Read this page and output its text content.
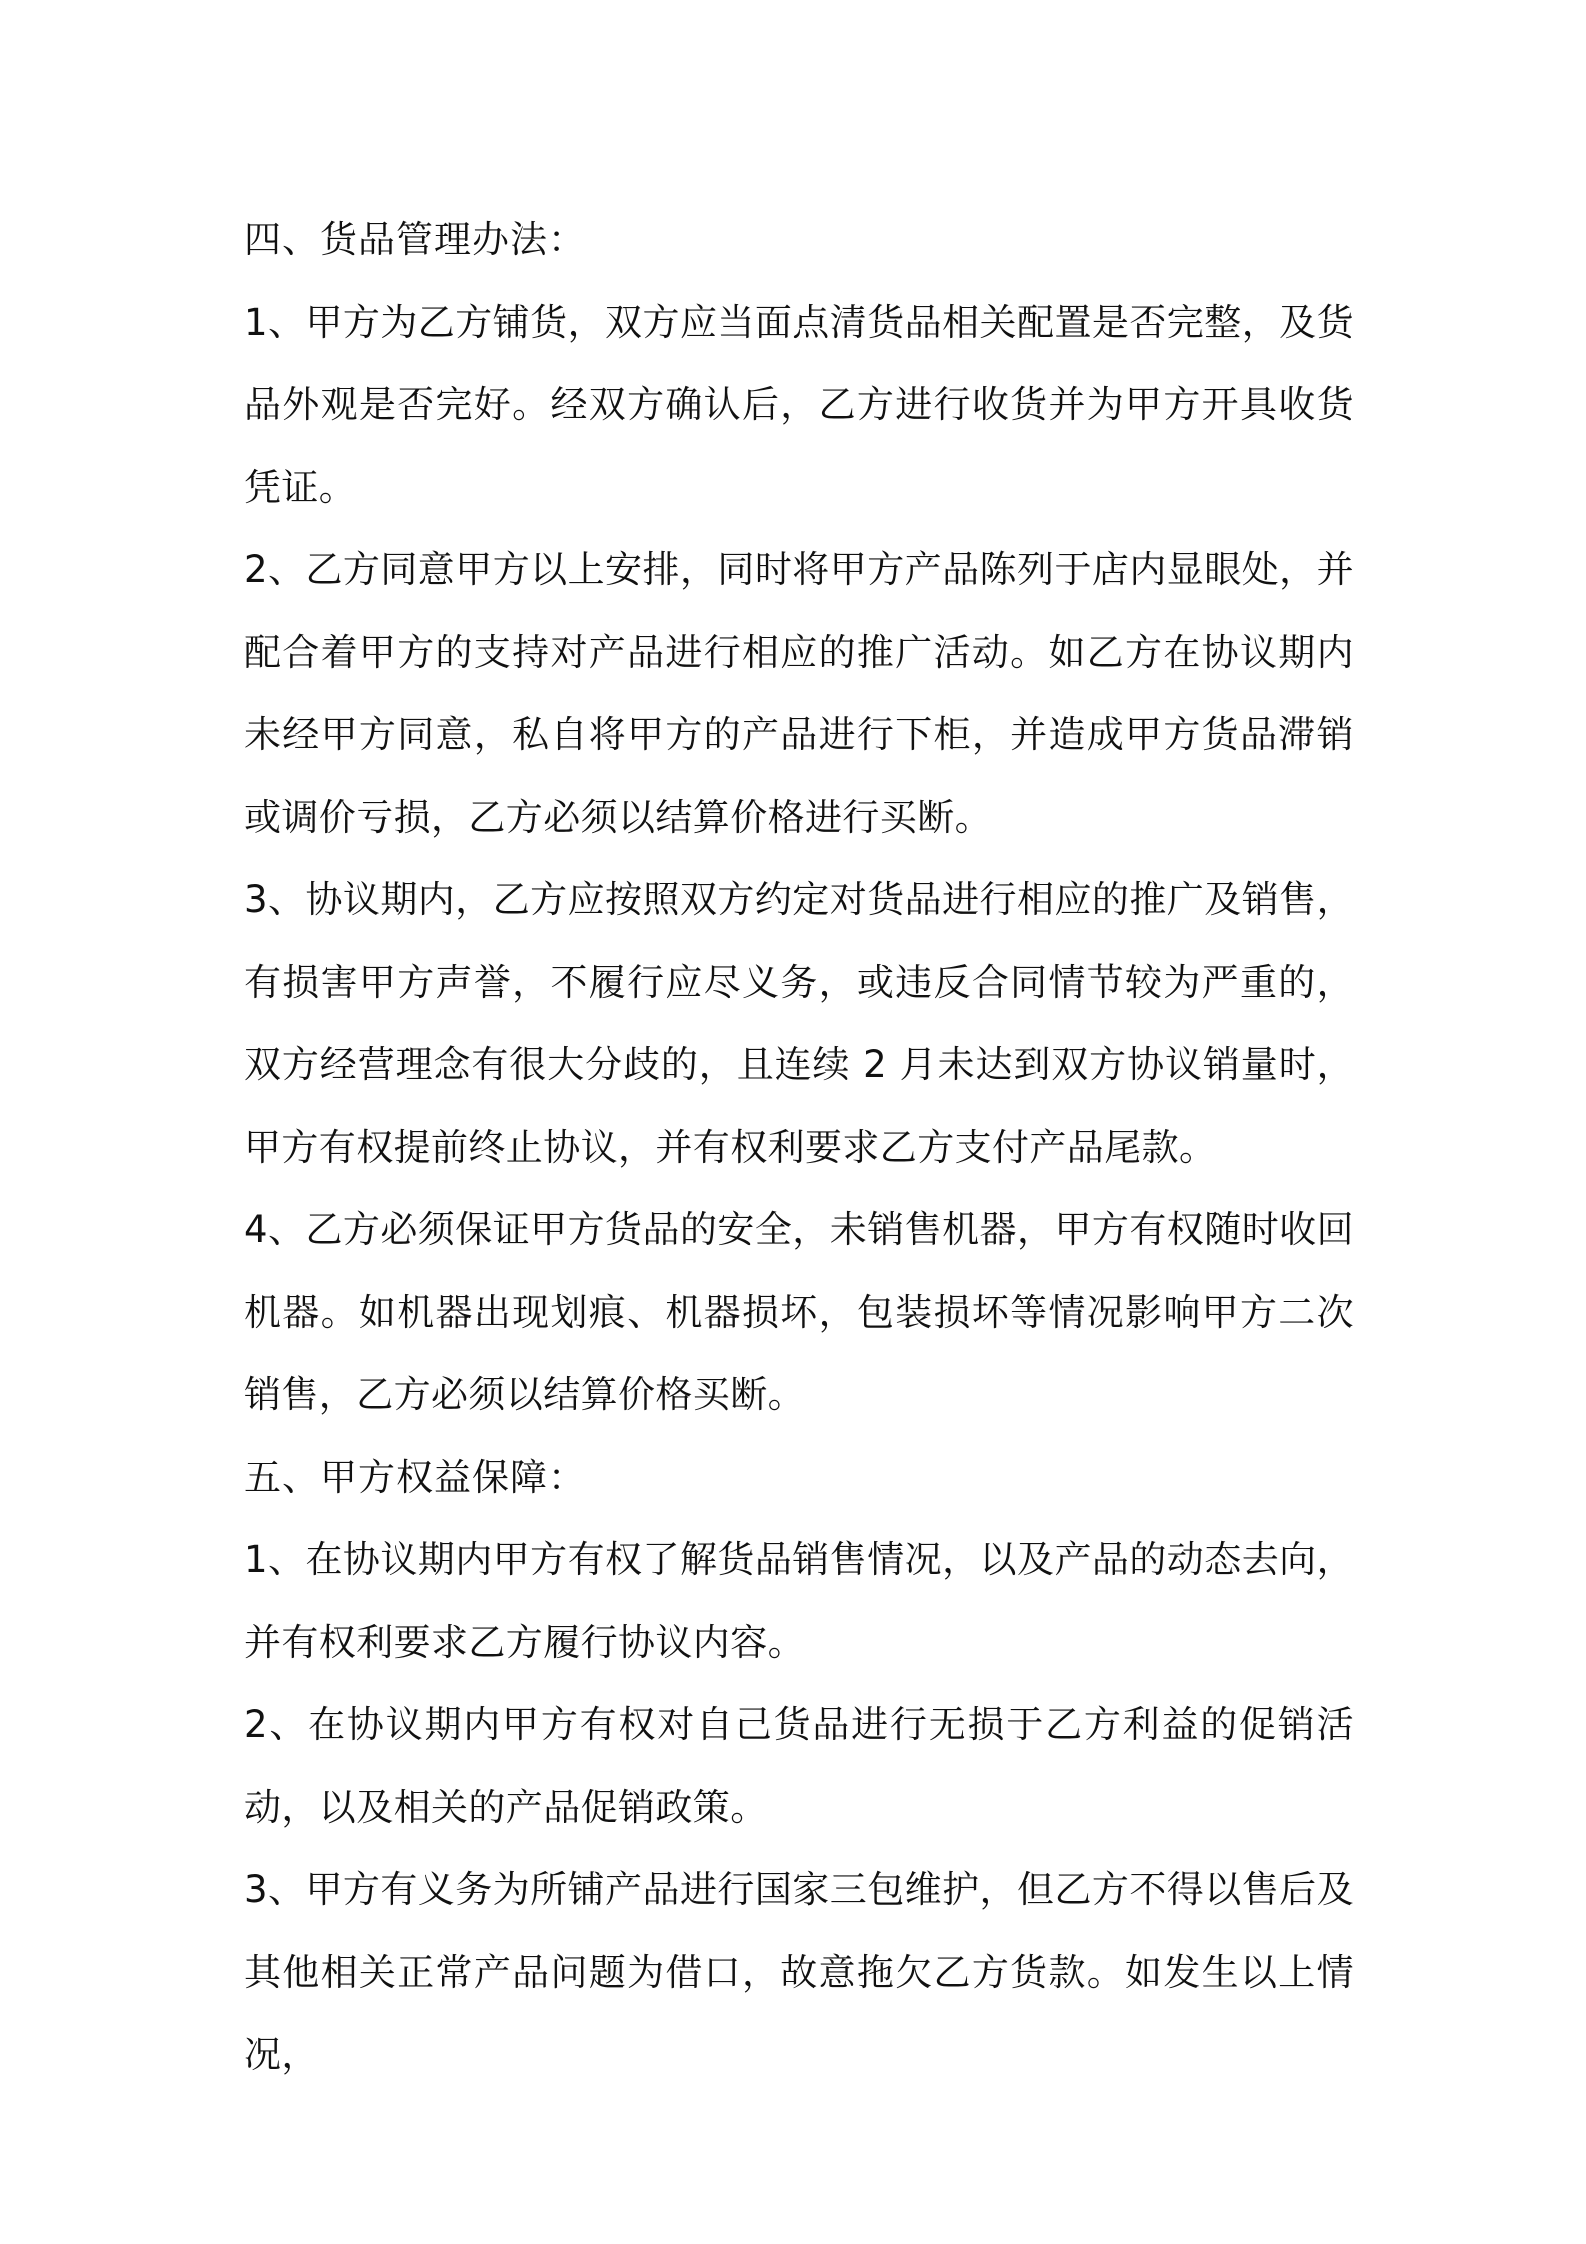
四、货品管理办法：

1、甲方为乙方铺货，双方应当面点清货品相关配置是否完整，及货品外观是否完好。经双方确认后，乙方进行收货并为甲方开具收货凭证。

2、乙方同意甲方以上安排，同时将甲方产品陈列于店内显眼处，并配合着甲方的支持对产品进行相应的推广活动。如乙方在协议期内未经甲方同意，私自将甲方的产品进行下柜，并造成甲方货品滞销或调价亏损，乙方必须以结算价格进行买断。

3、协议期内，乙方应按照双方约定对货品进行相应的推广及销售，有损害甲方声誉，不履行应尽义务，或违反合同情节较为严重的，双方经营理念有很大分歧的，且连续 2 月未达到双方协议销量时，甲方有权提前终止协议，并有权利要求乙方支付产品尾款。

4、乙方必须保证甲方货品的安全，未销售机器，甲方有权随时收回机器。如机器出现划痕、机器损坏，包装损坏等情况影响甲方二次销售，乙方必须以结算价格买断。

五、甲方权益保障：

1、在协议期内甲方有权了解货品销售情况，以及产品的动态去向，并有权利要求乙方履行协议内容。

2、在协议期内甲方有权对自己货品进行无损于乙方利益的促销活动，以及相关的产品促销政策。

3、甲方有义务为所铺产品进行国家三包维护，但乙方不得以售后及其他相关正常产品问题为借口，故意拖欠乙方货款。如发生以上情况，
